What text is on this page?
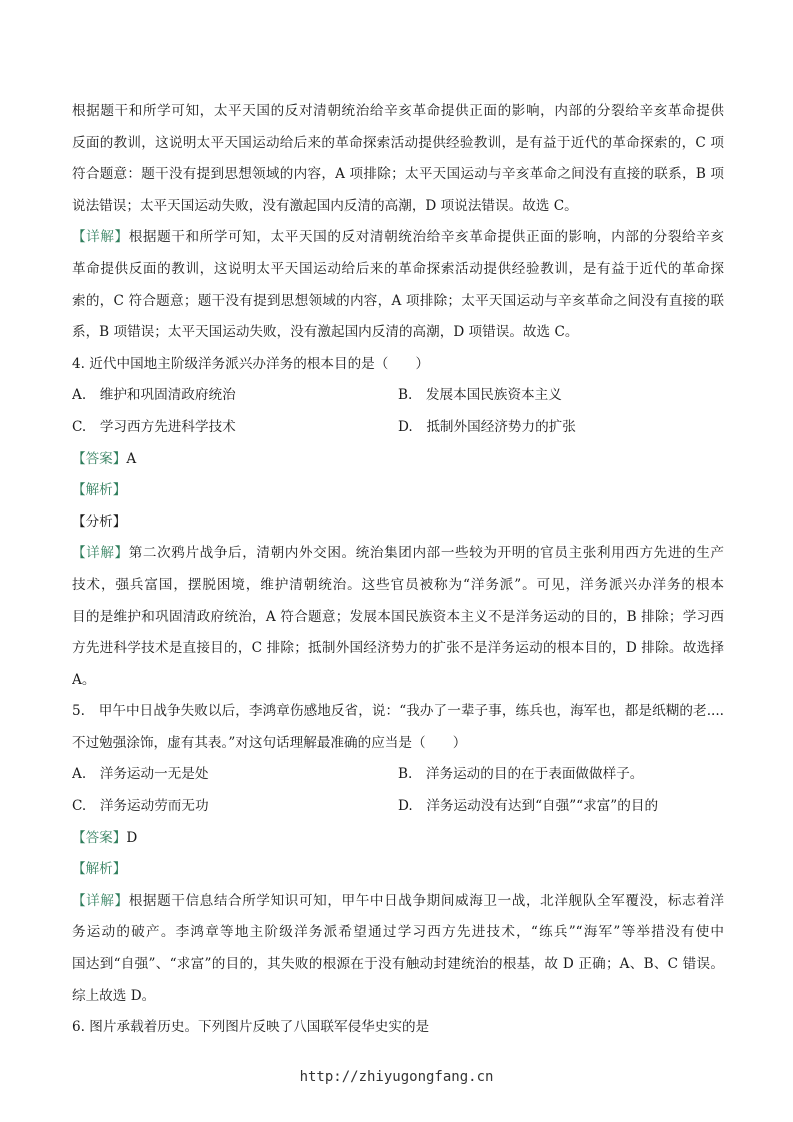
根据题干和所学可知，太平天国的反对清朝统治给辛亥革命提供正面的影响，内部的分裂给辛亥革命提供
反面的教训，这说明太平天国运动给后来的革命探索活动提供经验教训，是有益于近代的革命探索的，C 项
符合题意：题干没有提到思想领域的内容，A 项排除；太平天国运动与辛亥革命之间没有直接的联系，B 项
说法错误；太平天国运动失败，没有激起国内反清的高潮，D 项说法错误。故选 C。
【详解】根据题干和所学可知，太平天国的反对清朝统治给辛亥革命提供正面的影响，内部的分裂给辛亥
革命提供反面的教训，这说明太平天国运动给后来的革命探索活动提供经验教训，是有益于近代的革命探
索的，C 符合题意；题干没有提到思想领域的内容，A 项排除；太平天国运动与辛亥革命之间没有直接的联
系，B 项错误；太平天国运动失败，没有激起国内反清的高潮，D 项错误。故选 C。
4. 近代中国地主阶级洋务派兴办洋务的根本目的是（　　）
A.　维护和巩固清政府统治	B.　发展本国民族资本主义
C.　学习西方先进科学技术	D.　抵制外国经济势力的扩张
【答案】A
【解析】
【分析】
【详解】第二次鸦片战争后，清朝内外交困。统治集团内部一些较为开明的官员主张利用西方先进的生产
技术，强兵富国，摆脱困境，维护清朝统治。这些官员被称为“洋务派”。可见，洋务派兴办洋务的根本
目的是维护和巩固清政府统治，A 符合题意；发展本国民族资本主义不是洋务运动的目的，B 排除；学习西
方先进科学技术是直接目的，C 排除；抵制外国经济势力的扩张不是洋务运动的根本目的，D 排除。故选择
A。
5.　甲午中日战争失败以后，李鸿章伤感地反省，说：“我办了一辈子事，练兵也，海军也，都是纸糊的老....
不过勉强涂饰，虚有其表。”对这句话理解最准确的应当是（　　）
A.　洋务运动一无是处	B.　洋务运动的目的在于表面做做样子。
C.　洋务运动劳而无功	D.　洋务运动没有达到“自强”“求富”的目的
【答案】D
【解析】
【详解】根据题干信息结合所学知识可知，甲午中日战争期间威海卫一战，北洋舰队全军覆没，标志着洋
务运动的破产。李鸿章等地主阶级洋务派希望通过学习西方先进技术，“练兵”“海军”等举措没有使中
国达到“自强”、“求富”的目的，其失败的根源在于没有触动封建统治的根基，故 D 正确；A、B、C 错误。
综上故选 D。
6. 图片承载着历史。下列图片反映了八国联军侵华史实的是
http://zhiyugongfang.cn
